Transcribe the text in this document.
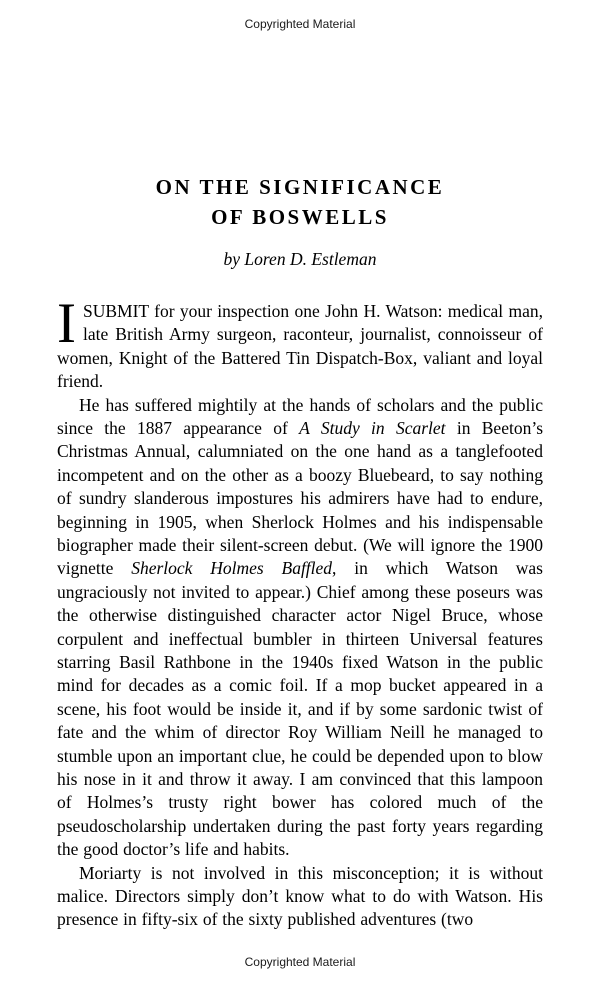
Copyrighted Material
ON THE SIGNIFICANCE
OF BOSWELLS
by Loren D. Estleman

ISUBMIT for your inspection one John H. Watson: medical man, late British Army surgeon, raconteur, journalist, connoisseur of women, Knight of the Battered Tin Dispatch-Box, valiant and loyal friend.

He has suffered mightily at the hands of scholars and the public since the 1887 appearance of A Study in Scarlet in Beeton’s Christmas Annual, calumniated on the one hand as a tanglefooted incompetent and on the other as a boozy Bluebeard, to say nothing of sundry slanderous impostures his admirers have had to endure, beginning in 1905, when Sherlock Holmes and his indispensable biographer made their silent-screen debut. (We will ignore the 1900 vignette Sherlock Holmes Baffled, in which Watson was ungraciously not invited to appear.) Chief among these poseurs was the otherwise distinguished character actor Nigel Bruce, whose corpulent and ineffectual bumbler in thirteen Universal features starring Basil Rathbone in the 1940s fixed Watson in the public mind for decades as a comic foil. If a mop bucket appeared in a scene, his foot would be inside it, and if by some sardonic twist of fate and the whim of director Roy William Neill he managed to stumble upon an important clue, he could be depended upon to blow his nose in it and throw it away. I am convinced that this lampoon of Holmes’s trusty right bower has colored much of the pseudoscholarship undertaken during the past forty years regarding the good doctor’s life and habits.

Moriarty is not involved in this misconception; it is without malice. Directors simply don’t know what to do with Watson. His presence in fifty-six of the sixty published adventures (two

Copyrighted Material
